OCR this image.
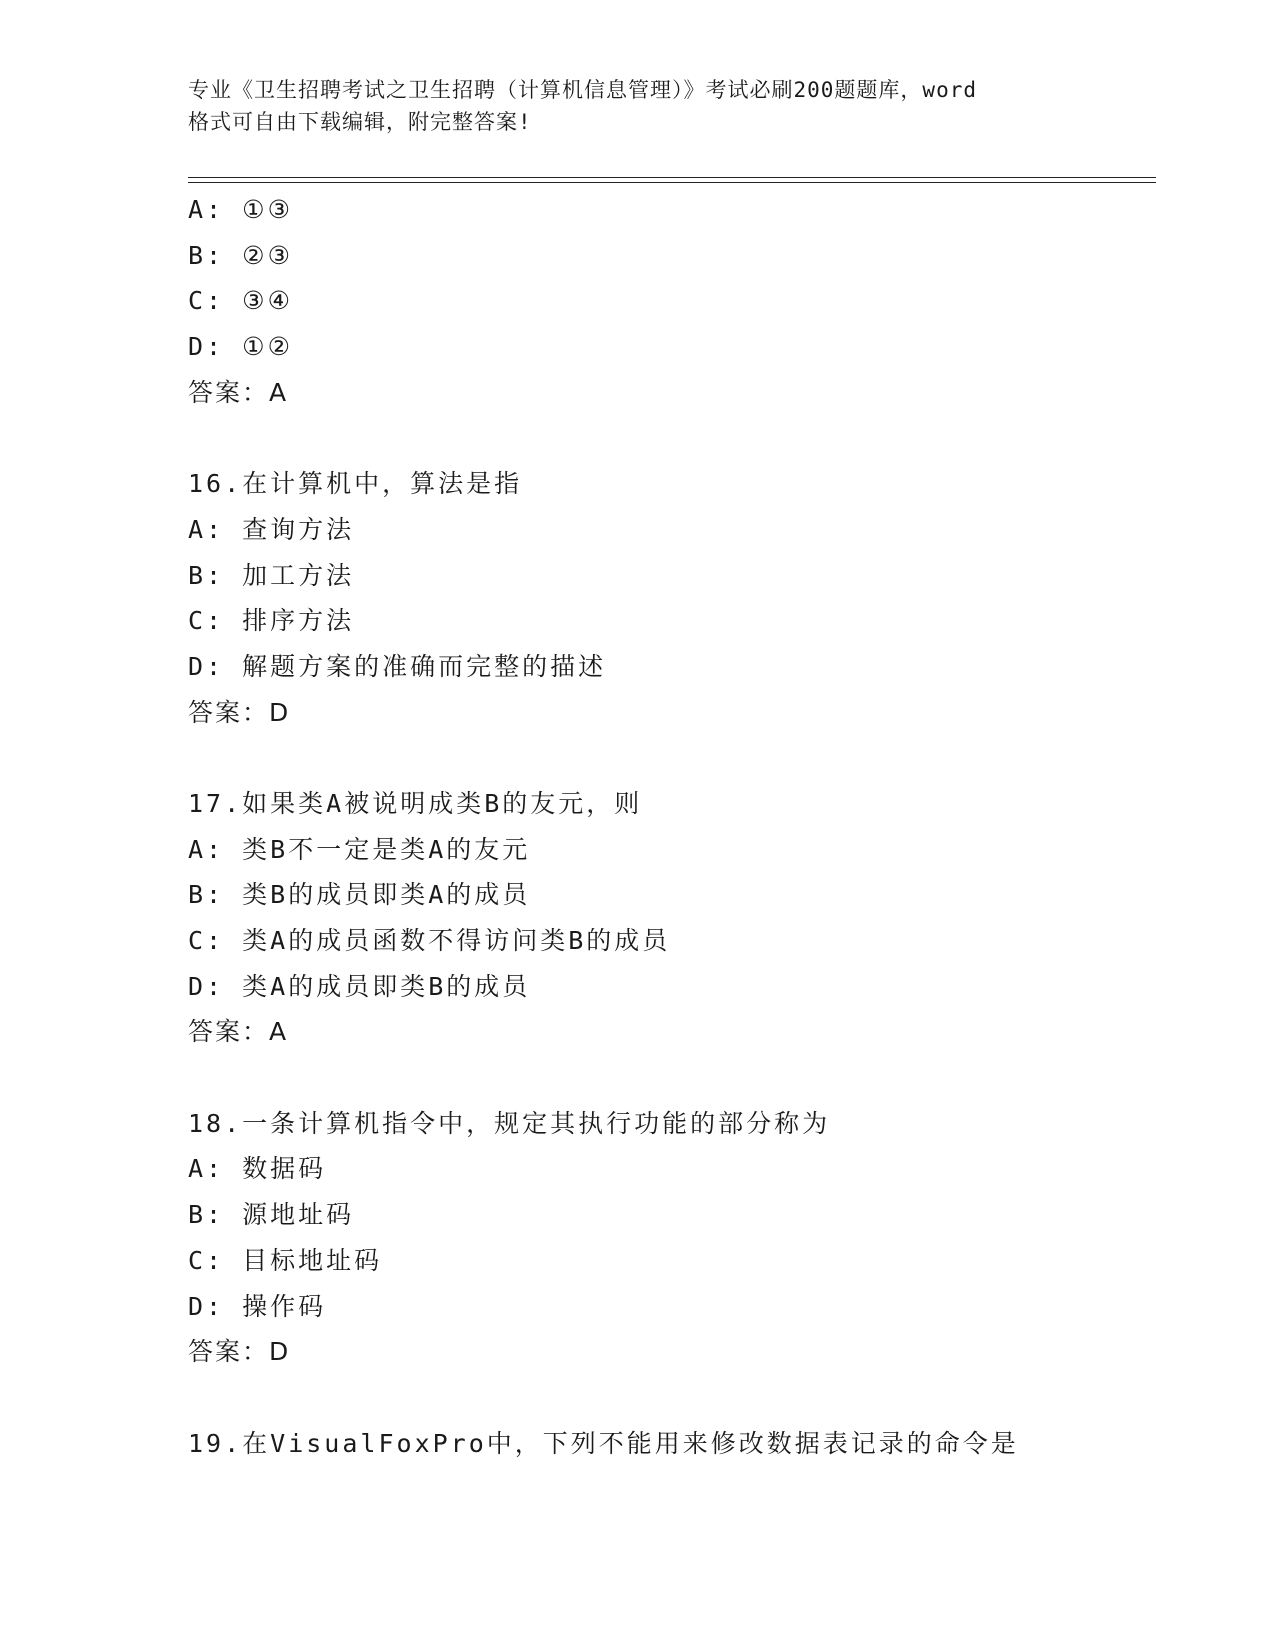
专业《卫生招聘考试之卫生招聘（计算机信息管理）》考试必刷200题题库，word
格式可自由下载编辑，附完整答案!
A: ①③
B: ②③
C: ③④
D: ①②
答案：A
16.在计算机中，算法是指
A: 查询方法
B: 加工方法
C: 排序方法
D: 解题方案的准确而完整的描述
答案：D
17.如果类A被说明成类B的友元，则
A: 类B不一定是类A的友元
B: 类B的成员即类A的成员
C: 类A的成员函数不得访问类B的成员
D: 类A的成员即类B的成员
答案：A
18.一条计算机指令中，规定其执行功能的部分称为
A: 数据码
B: 源地址码
C: 目标地址码
D: 操作码
答案：D
19.在VisualFoxPro中，下列不能用来修改数据表记录的命令是
